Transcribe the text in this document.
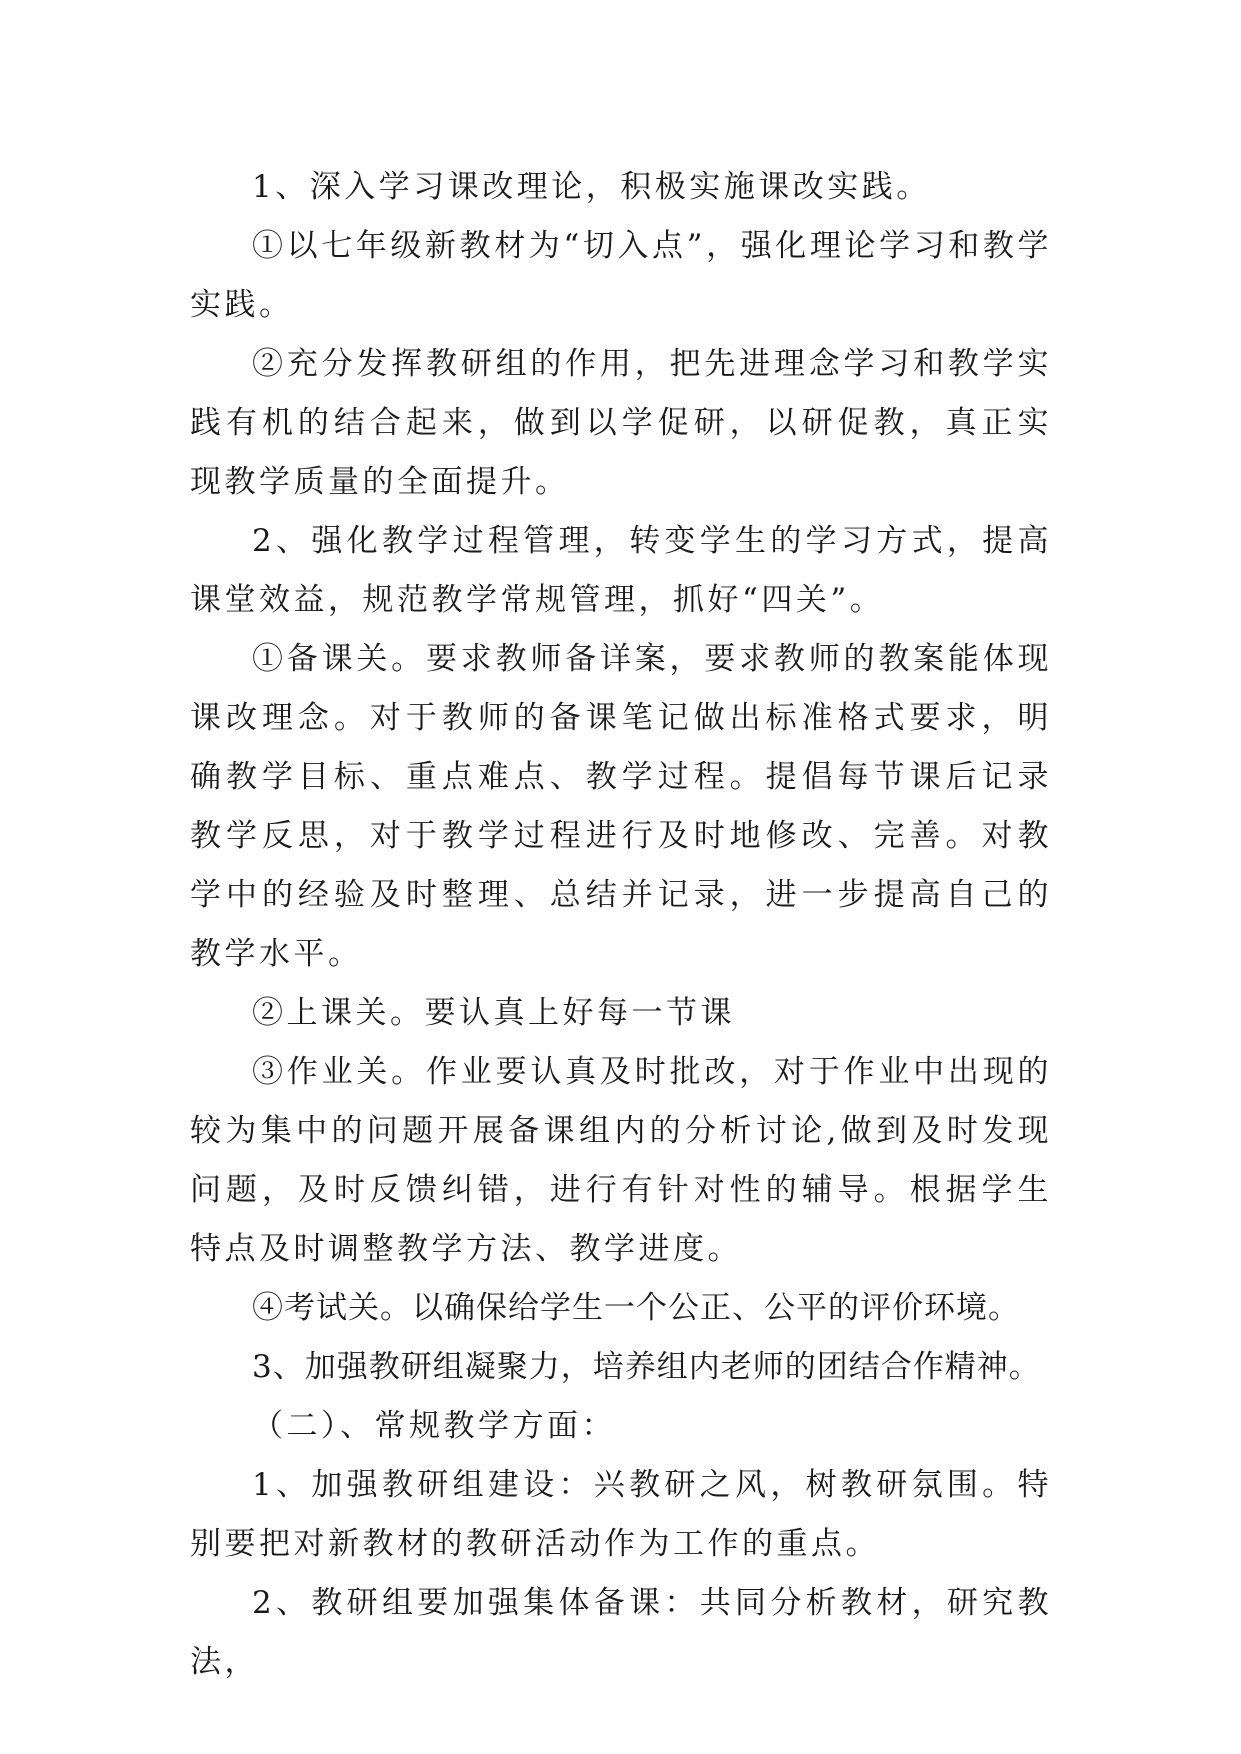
1、深入学习课改理论，积极实施课改实践。

①以七年级新教材为“切入点”，强化理论学习和教学实践。

②充分发挥教研组的作用，把先进理念学习和教学实践有机的结合起来，做到以学促研，以研促教，真正实现教学质量的全面提升。

2、强化教学过程管理，转变学生的学习方式，提高课堂效益，规范教学常规管理，抓好“四关”。

①备课关。要求教师备详案，要求教师的教案能体现课改理念。对于教师的备课笔记做出标准格式要求，明确教学目标、重点难点、教学过程。提倡每节课后记录教学反思，对于教学过程进行及时地修改、完善。对教学中的经验及时整理、总结并记录，进一步提高自己的教学水平。

②上课关。要认真上好每一节课

③作业关。作业要认真及时批改，对于作业中出现的较为集中的问题开展备课组内的分析讨论,做到及时发现问题，及时反馈纠错，进行有针对性的辅导。根据学生特点及时调整教学方法、教学进度。

④考试关。以确保给学生一个公正、公平的评价环境。

3、加强教研组凝聚力，培养组内老师的团结合作精神。

（二）、常规教学方面：

1、加强教研组建设：兴教研之风，树教研氛围。特别要把对新教材的教研活动作为工作的重点。

2、教研组要加强集体备课：共同分析教材，研究教法，
